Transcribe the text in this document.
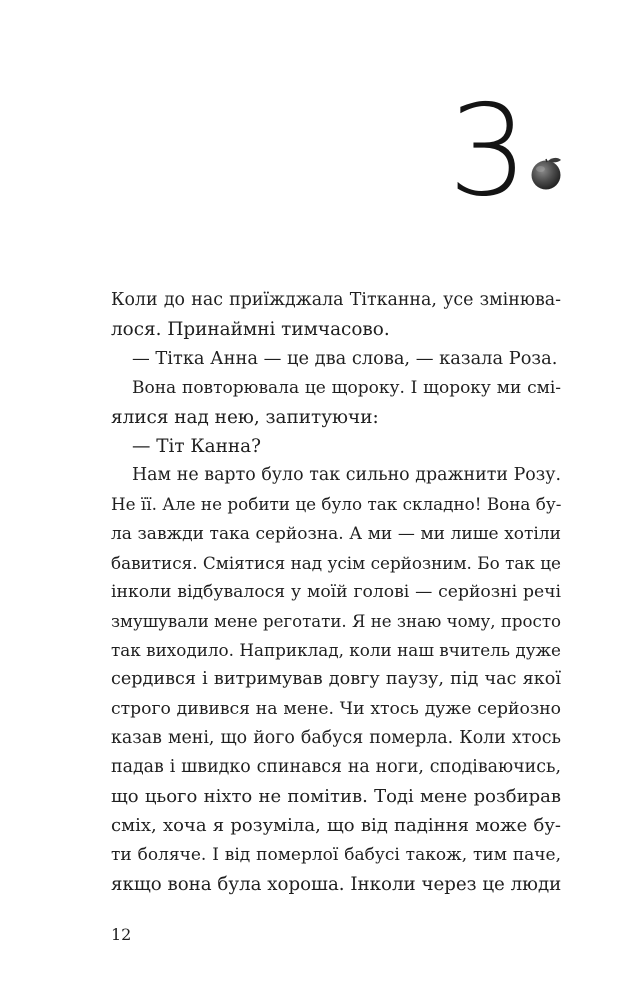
3
Коли до нас приїжджала Тітканна, усе змінюва-
лося. Принаймні тимчасово.
— Тітка Анна — це два слова, — казала Роза.
Вона повторювала це щороку. І щороку ми смі-
ялися над нею, запитуючи:
— Тіт Канна?
Нам не варто було так сильно дражнити Розу.
Не її. Але не робити це було так складно! Вона бу-
ла завжди така серйозна. А ми — ми лише хотіли
бавитися. Сміятися над усім серйозним. Бо так це
інколи відбувалося у моїй голові — серйозні речі
змушували мене реготати. Я не знаю чому, просто
так виходило. Наприклад, коли наш вчитель дуже
сердився і витримував довгу паузу, під час якої
строго дивився на мене. Чи хтось дуже серйозно
казав мені, що його бабуся померла. Коли хтось
падав і швидко спинався на ноги, сподіваючись,
що цього ніхто не помітив. Тоді мене розбирав
сміх, хоча я розуміла, що від падіння може бу-
ти боляче. І від померлої бабусі також, тим паче,
якщо вона була хороша. Інколи через це люди
12
